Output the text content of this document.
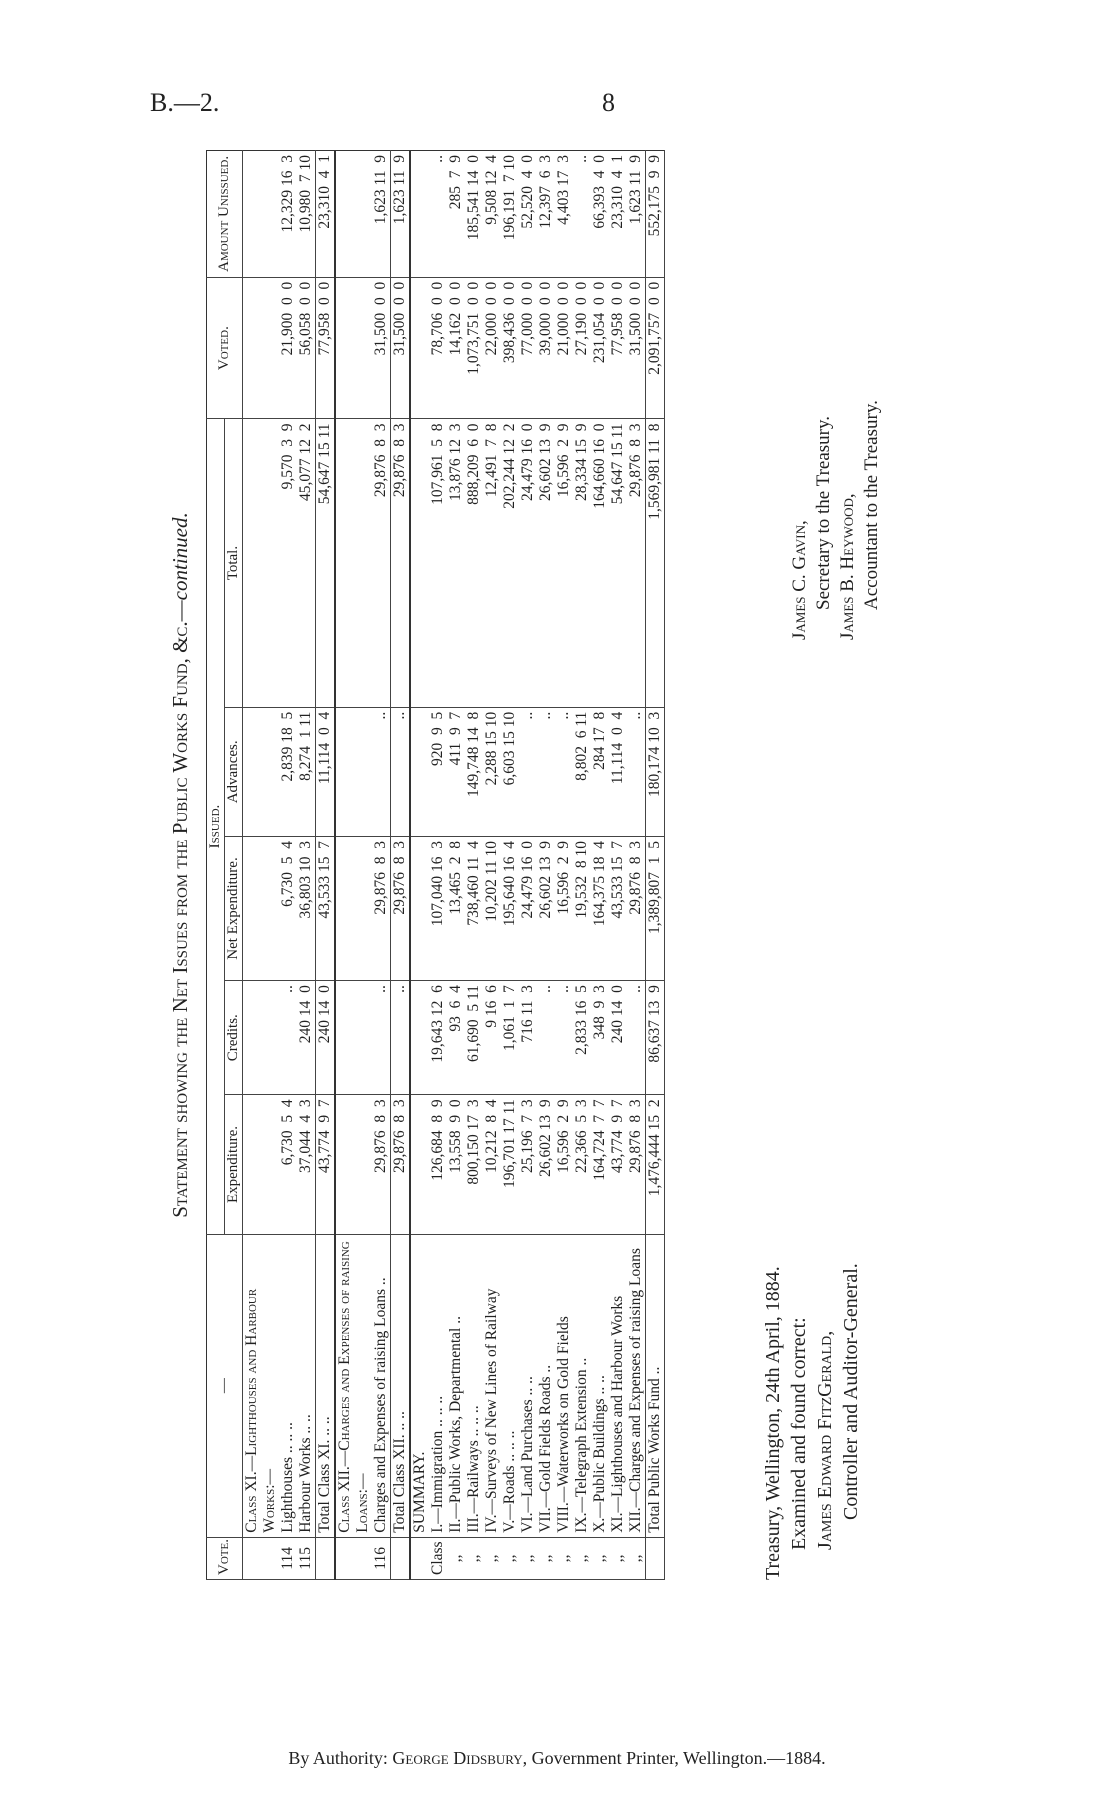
B.—2.	8
Statement showing the Net Issues from the Public Works Fund, &c.—continued.
Vote.	—	Issued.					Voted.	Amount Unissued.
		Expenditure.	Credits.	Net Expenditure.	Advances.	Total.		
	Class XI.—Lighthouses and Harbour Works:—							
114	Lighthouses .. .. ..	6,730  5  4	..	6,730  5  4	2,839 18  5	9,570  3  9	21,900  0  0	12,329 16  3
115	Harbour Works .. ..	37,044  4  3	240 14  0	36,803 10  3	8,274  1 11	45,077 12  2	56,058  0  0	10,980  7 10
	Total Class XI. .. ..	43,774  9  7	240 14  0	43,533 15  7	11,114  0  4	54,647 15 11	77,958  0  0	23,310  4  1

	Class XII.—Charges and Expenses of raising							
	Loans:—							
116	Charges and Expenses of raising Loans ..	29,876  8  3	..	29,876  8  3	..	29,876  8  3	31,500  0  0	1,623 11  9
	Total Class XII. .. ..	29,876  8  3	..	29,876  8  3	..	29,876  8  3	31,500  0  0	1,623 11  9

	SUMMARY.							
Class	I.—Immigration .. .. ..	126,684  8  9	19,643 12  6	107,040 16  3	920  9  5	107,961  5  8	78,706  0  0	..
,,	II.—Public Works, Departmental ..	13,558  9  0	93  6  4	13,465  2  8	411  9  7	13,876 12  3	14,162  0  0	285  7  9
,,	III.—Railways .. .. ..	800,150 17  3	61,690  5 11	738,460 11  4	149,748 14  8	888,209  6  0	1,073,751  0  0	185,541 14  0
,,	IV.—Surveys of New Lines of Railway	10,212  8  4	9 16  6	10,202 11 10	2,288 15 10	12,491  7  8	22,000  0  0	9,508 12  4
,,	V.—Roads .. .. ..	196,701 17 11	1,061  1  7	195,640 16  4	6,603 15 10	202,244 12  2	398,436  0  0	196,191  7 10
,,	VI.—Land Purchases .. ..	25,196  7  3	716 11  3	24,479 16  0	..	24,479 16  0	77,000  0  0	52,520  4  0
,,	VII.—Gold Fields Roads ..	26,602 13  9	..	26,602 13  9	..	26,602 13  9	39,000  0  0	12,397  6  3
,,	VIII.—Waterworks on Gold Fields	16,596  2  9	..	16,596  2  9	..	16,596  2  9	21,000  0  0	4,403 17  3
,,	IX.—Telegraph Extension ..	22,366  5  3	2,833 16  5	19,532  8 10	8,802  6 11	28,334 15  9	27,190  0  0	..
,,	X.—Public Buildings .. ..	164,724  7  7	348  9  3	164,375 18  4	284 17  8	164,660 16  0	231,054  0  0	66,393  4  0
,,	XI.—Lighthouses and Harbour Works	43,774  9  7	240 14  0	43,533 15  7	11,114  0  4	54,647 15 11	77,958  0  0	23,310  4  1
,,	XII.—Charges and Expenses of raising Loans	29,876  8  3	..	29,876  8  3	..	29,876  8  3	31,500  0  0	1,623 11  9
	Total Public Works Fund ..	1,476,444 15  2	86,637 13  9	1,389,807  1  5	180,174 10  3	1,569,981 11  8	2,091,757  0  0	552,175  9  9
Treasury, Wellington, 24th April, 1884. Examined and found correct: James Edward FitzGerald, Controller and Auditor-General.
James C. Gavin, Secretary to the Treasury. James B. Heywood, Accountant to the Treasury.
By Authority: George Didsbury, Government Printer, Wellington.—1884.
